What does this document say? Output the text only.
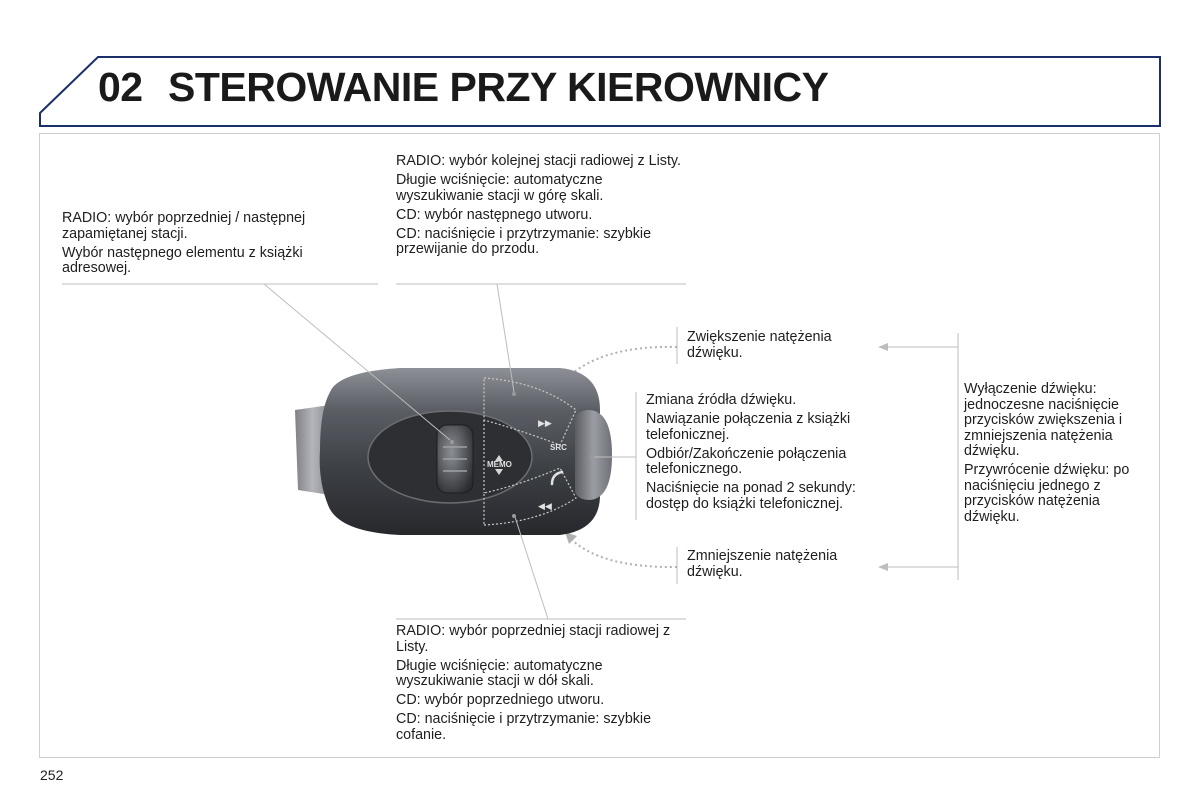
02 STEROWANIE PRZY KIEROWNICY
MEMO
SRC
▶▶
◀◀

RADIO: wybór poprzedniej / następnej zapamiętanej stacji.

Wybór następnego elementu z książki adresowej.

RADIO: wybór kolejnej stacji radiowej z Listy.

Długie wciśnięcie: automatyczne wyszukiwanie stacji w górę skali.

CD: wybór następnego utworu.

CD: naciśnięcie i przytrzymanie: szybkie przewijanie do przodu.

Zwiększenie natężenia dźwięku.

Zmiana źródła dźwięku.

Nawiązanie połączenia z książki telefonicznej.

Odbiór/Zakończenie połączenia telefonicznego.

Naciśnięcie na ponad 2 sekundy: dostęp do książki telefonicznej.

Zmniejszenie natężenia dźwięku.

Wyłączenie dźwięku: jednoczesne naciśnięcie przycisków zwiększenia i zmniejszenia natężenia dźwięku.

Przywrócenie dźwięku: po naciśnięciu jednego z przycisków natężenia dźwięku.

RADIO: wybór poprzedniej stacji radiowej z Listy.

Długie wciśnięcie: automatyczne wyszukiwanie stacji w dół skali.

CD: wybór poprzedniego utworu.

CD: naciśnięcie i przytrzymanie: szybkie cofanie.

252
